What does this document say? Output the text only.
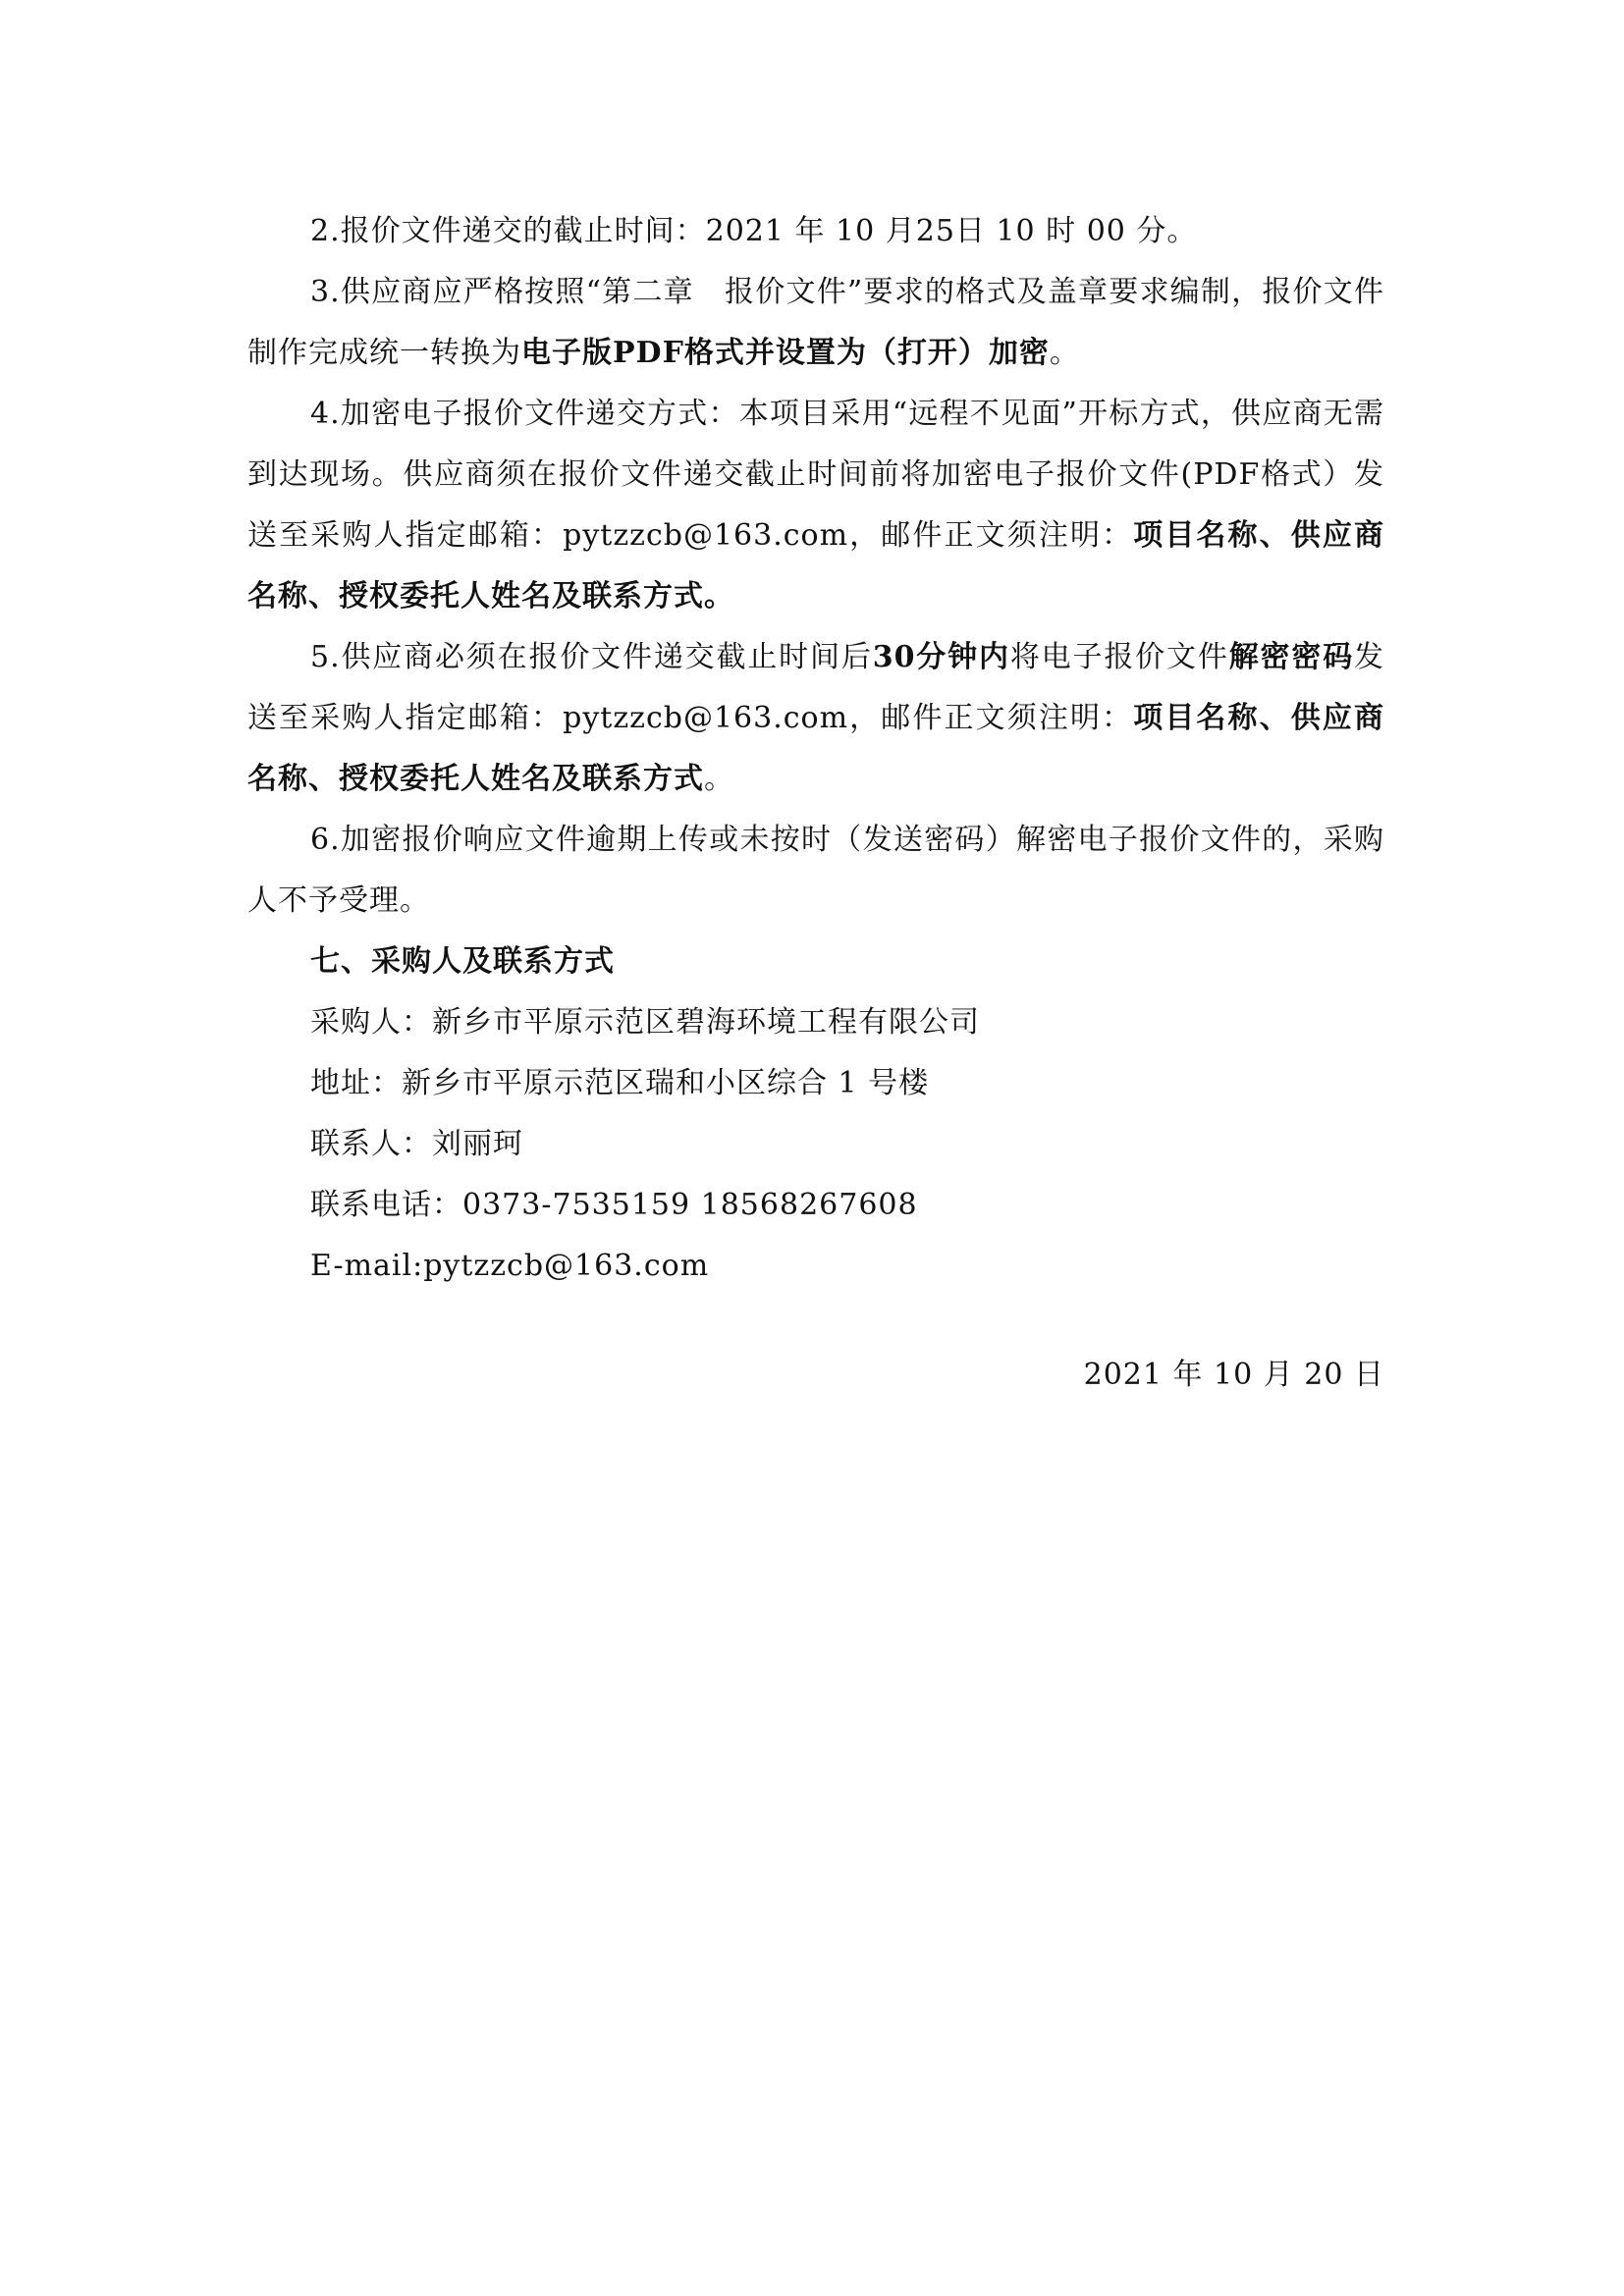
2.报价文件递交的截止时间：2021 年 10 月25日 10 时 00 分。

3.供应商应严格按照“第二章　报价文件”要求的格式及盖章要求编制，报价文件制作完成统一转换为电子版PDF格式并设置为（打开）加密。

4.加密电子报价文件递交方式：本项目采用“远程不见面”开标方式，供应商无需到达现场。供应商须在报价文件递交截止时间前将加密电子报价文件(PDF格式）发送至采购人指定邮箱：pytzzcb@163.com，邮件正文须注明：项目名称、供应商名称、授权委托人姓名及联系方式。

5.供应商必须在报价文件递交截止时间后30分钟内将电子报价文件解密密码发送至采购人指定邮箱：pytzzcb@163.com，邮件正文须注明：项目名称、供应商名称、授权委托人姓名及联系方式。

6.加密报价响应文件逾期上传或未按时（发送密码）解密电子报价文件的，采购人不予受理。

七、采购人及联系方式

采购人：新乡市平原示范区碧海环境工程有限公司

地址：新乡市平原示范区瑞和小区综合 1 号楼

联系人：刘丽珂

联系电话：0373-7535159 18568267608

E-mail:pytzzcb@163.com

2021 年 10 月 20 日
